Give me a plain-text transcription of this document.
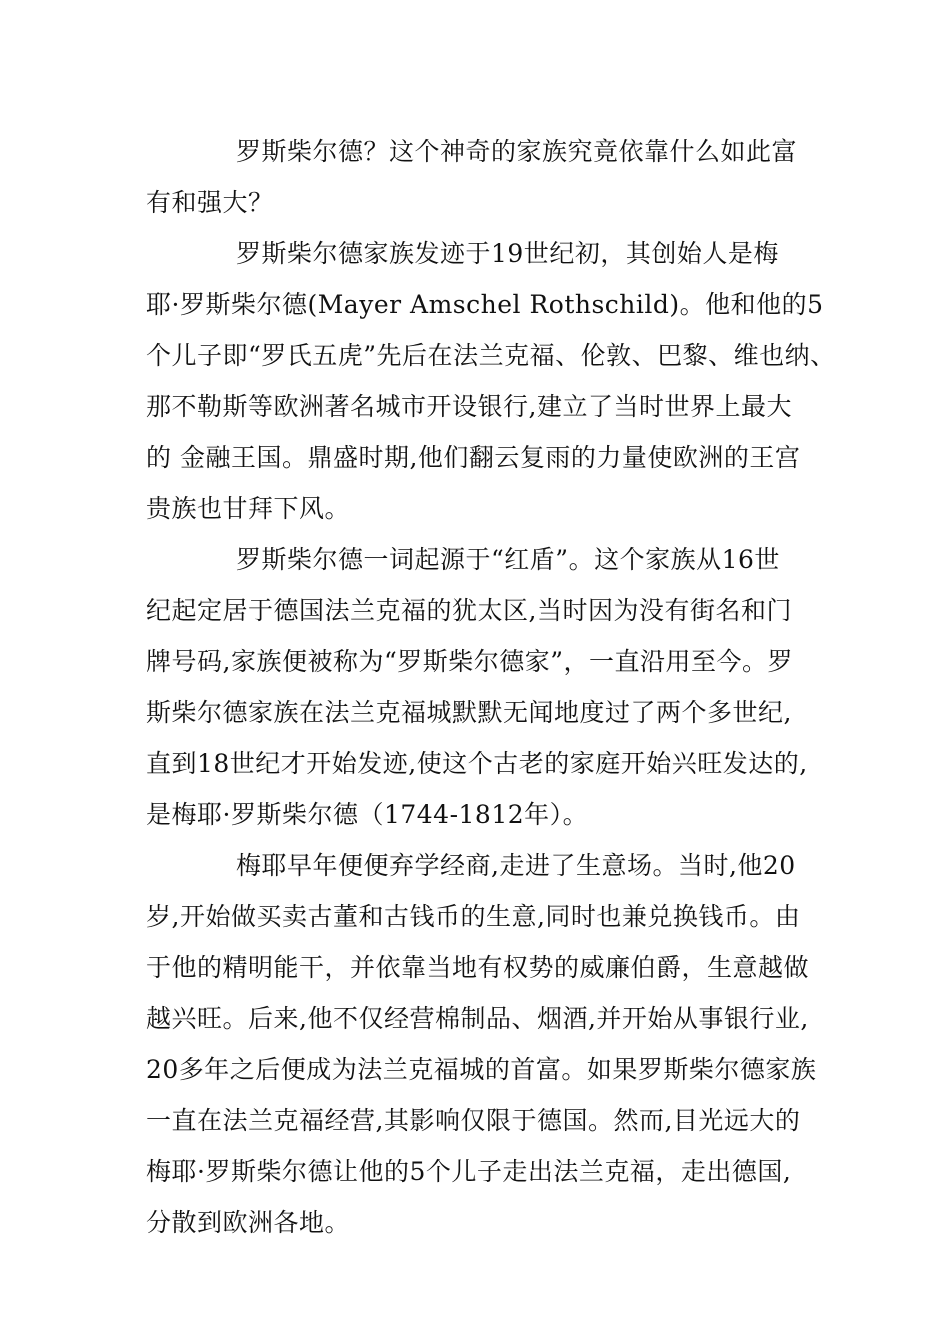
罗斯柴尔德？这个神奇的家族究竟依靠什么如此富
有和强大？
罗斯柴尔德家族发迹于19世纪初，其创始人是梅
耶·罗斯柴尔德(Mayer Amschel Rothschild)。他和他的5
个儿子即“罗氏五虎”先后在法兰克福、伦敦、巴黎、维也纳、
那不勒斯等欧洲著名城市开设银行,建立了当时世界上最大
的 金融王国。鼎盛时期,他们翻云复雨的力量使欧洲的王宫
贵族也甘拜下风。
罗斯柴尔德一词起源于“红盾”。这个家族从16世
纪起定居于德国法兰克福的犹太区,当时因为没有街名和门
牌号码,家族便被称为“罗斯柴尔德家”，一直沿用至今。罗
斯柴尔德家族在法兰克福城默默无闻地度过了两个多世纪,
直到18世纪才开始发迹,使这个古老的家庭开始兴旺发达的,
是梅耶·罗斯柴尔德（1744-1812年）。
梅耶早年便便弃学经商,走进了生意场。当时,他20
岁,开始做买卖古董和古钱币的生意,同时也兼兑换钱币。由
于他的精明能干，并依靠当地有权势的威廉伯爵，生意越做
越兴旺。后来,他不仅经营棉制品、烟酒,并开始从事银行业,
20多年之后便成为法兰克福城的首富。如果罗斯柴尔德家族
一直在法兰克福经营,其影响仅限于德国。然而,目光远大的
梅耶·罗斯柴尔德让他的5个儿子走出法兰克福，走出德国,
分散到欧洲各地。
